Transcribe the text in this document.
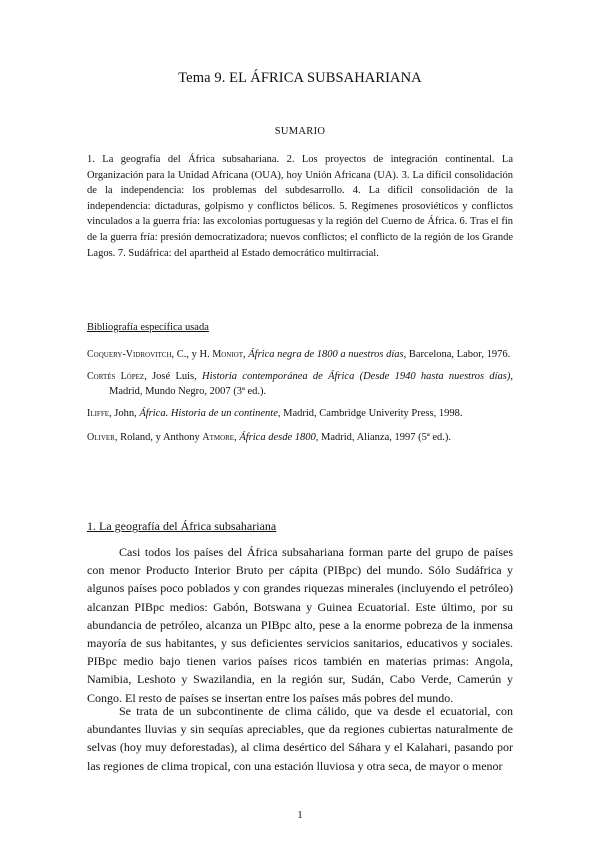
Tema 9. EL ÁFRICA SUBSAHARIANA
SUMARIO
1. La geografía del África subsahariana. 2. Los proyectos de integración continental. La Organización para la Unidad Africana (OUA), hoy Unión Africana (UA). 3. La difícil consolidación de la independencia: los problemas del subdesarrollo. 4. La difícil consolidación de la independencia: dictaduras, golpismo y conflictos bélicos. 5. Regímenes prosoviéticos y conflictos vinculados a la guerra fría: las excolonias portuguesas y la región del Cuerno de África. 6. Tras el fin de la guerra fría: presión democratizadora; nuevos conflictos; el conflicto de la región de los Grande Lagos. 7. Sudáfrica: del apartheid al Estado democrático multirracial.
Bibliografía específica usada
Coquery-Vidrovitch, C., y H. Moniot, África negra de 1800 a nuestros días, Barcelona, Labor, 1976.
Cortés López, José Luis, Historia contemporánea de África (Desde 1940 hasta nuestros días), Madrid, Mundo Negro, 2007 (3ª ed.).
Iliffe, John, África. Historia de un continente, Madrid, Cambridge Univerity Press, 1998.
Oliver, Roland, y Anthony Atmore, África desde 1800, Madrid, Alianza, 1997 (5ª ed.).
1. La geografía del África subsahariana

Casi todos los países del África subsahariana forman parte del grupo de países con menor Producto Interior Bruto per cápita (PIBpc) del mundo. Sólo Sudáfrica y algunos países poco poblados y con grandes riquezas minerales (incluyendo el petróleo) alcanzan PIBpc medios: Gabón, Botswana y Guinea Ecuatorial. Este último, por su abundancia de petróleo, alcanza un PIBpc alto, pese a la enorme pobreza de la inmensa mayoría de sus habitantes, y sus deficientes servicios sanitarios, educativos y sociales. PIBpc medio bajo tienen varios países ricos también en materias primas: Angola, Namibia, Leshoto y Swazilandia, en la región sur, Sudán, Cabo Verde, Camerún y Congo. El resto de países se insertan entre los países más pobres del mundo.

Se trata de un subcontinente de clima cálido, que va desde el ecuatorial, con abundantes lluvias y sin sequías apreciables, que da regiones cubiertas naturalmente de selvas (hoy muy deforestadas), al clima desértico del Sáhara y el Kalahari, pasando por las regiones de clima tropical, con una estación lluviosa y otra seca, de mayor o menor

1
